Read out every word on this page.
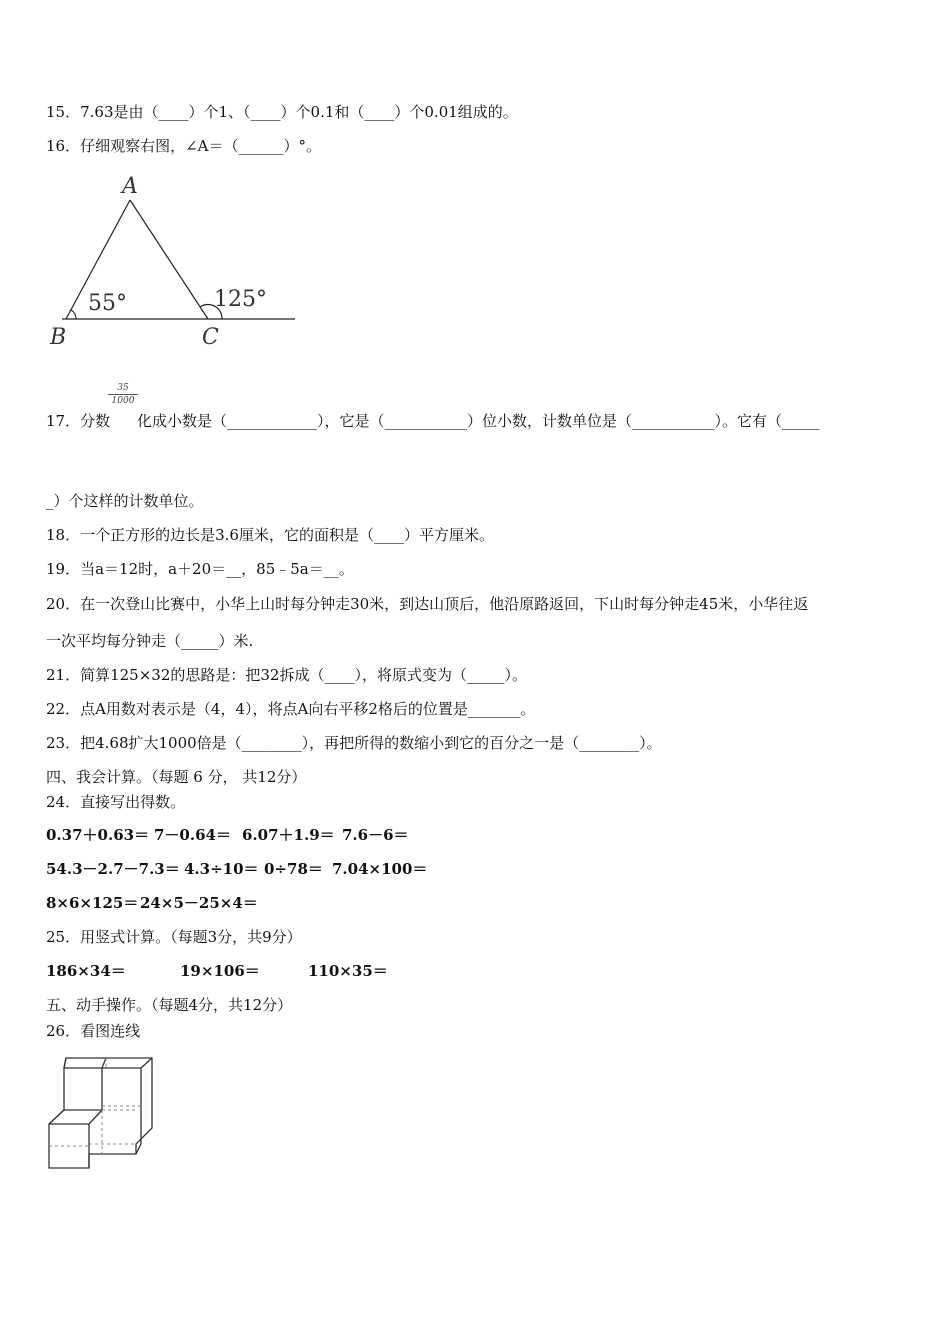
15．7.63是由（____）个1、（____）个0.1和（____）个0.01组成的。
16．仔细观察右图，∠A＝（______）°。
A
B	C
55°	125°
35
1000
17．分数 化成小数是（____________），它是（___________）位小数，计数单位是（___________）。它有（_____
_）个这样的计数单位。
18．一个正方形的边长是3.6厘米，它的面积是（____）平方厘米。
19．当a＝12时，a＋20＝__，85﹣5a＝__。
20．在一次登山比赛中，小华上山时每分钟走30米，到达山顶后，他沿原路返回，下山时每分钟走45米，小华往返
一次平均每分钟走（_____）米.
21．简算125×32的思路是：把32拆成（____），将原式变为（_____）。
22．点A用数对表示是（4，4），将点A向右平移2格后的位置是_______。
23．把4.68扩大1000倍是（________），再把所得的数缩小到它的百分之一是（________）。
四、我会计算。（每题 6 分， 共12分）
24．直接写出得数。
0.37＋0.63＝ 7－0.64＝ 6.07＋1.9＝ 7.6－6＝
54.3－2.7－7.3＝ 4.3÷10＝ 0÷78＝ 7.04×100＝
8×6×125＝ 24×5－25×4＝
25．用竖式计算。（每题3分，共9分）
186×34＝	19×106＝	110×35＝
五、动手操作。（每题4分，共12分）
26．看图连线
